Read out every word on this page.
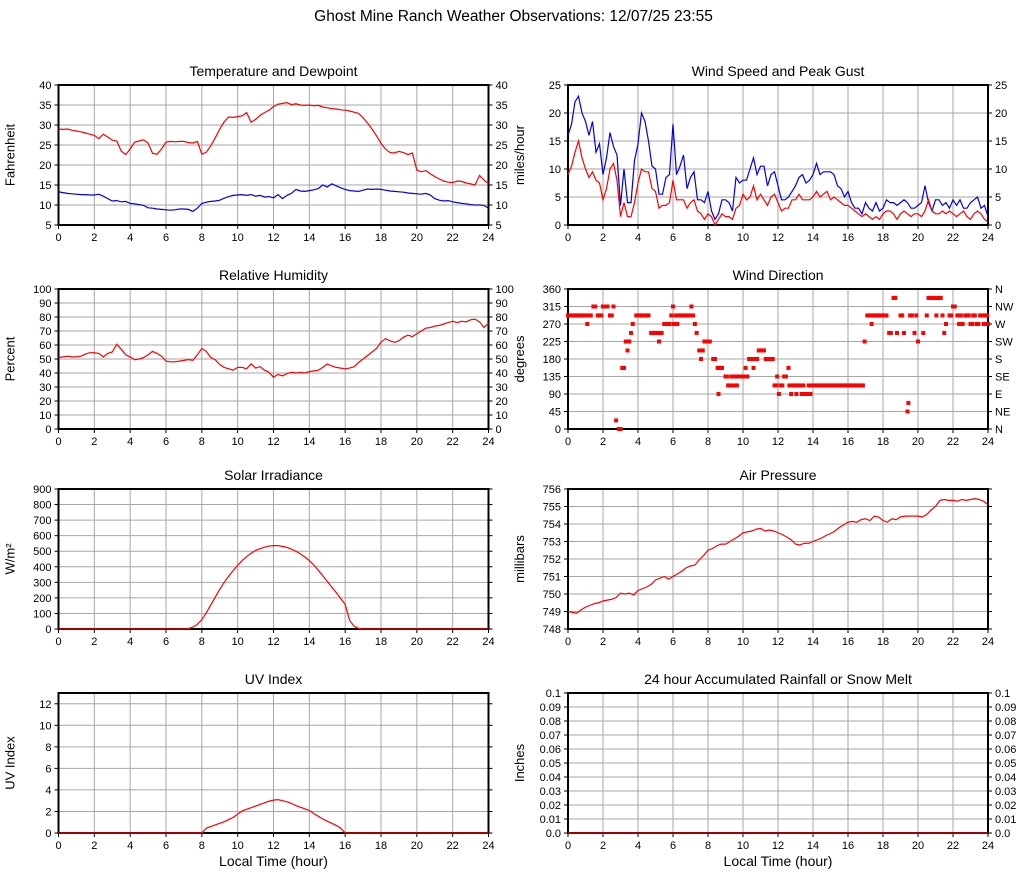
Ghost Mine Ranch Weather Observations: 12/07/25 23:55
Temperature and Dewpoint
5	5
10	10
15	15
20	20
25	25
30	30
35	35
40	40
0	2	4	6	8 10 12 14 16 18 20 22 24
Fahrenheit
Wind Speed and Peak Gust
0	0
5	5
10	10
15	15
20	20
25	25
0	2	4	6	8 10 12 14 16 18 20 22 24
miles/hour
Relative Humidity
0	0
10	10
20	20
30	30
40	40
50	50
60	60
70	70
80	80
90	90
100	100
0	2	4	6	8 10 12 14 16 18 20 22 24
Percent
Wind Direction
0	N
45	NE
90	E
135	SE
180	S
225	SW
270	W
315	NW
360	N
0	2	4	6	8 10 12 14 16 18 20 22 24
degrees
Solar Irradiance
0
100
200
300
400
500
600
700
800
900
0	2	4	6	8 10 12 14 16 18 20 22 24
W/m²
Air Pressure
748
749
750
751
752
753
754
755
756
0	2	4	6	8 10 12 14 16 18 20 22 24
millibars
UV Index
0
2
4
6
8
10
12
0	2	4	6	8 10 12 14 16 18 20 22 24
UV Index
Local Time (hour)
24 hour Accumulated Rainfall or Snow Melt
0.0	0.0
0.01	0.01
0.02	0.02
0.03	0.03
0.04	0.04
0.05	0.05
0.06	0.06
0.07	0.07
0.08	0.08
0.09	0.09
0.1	0.1
0	2	4	6	8 10 12 14 16 18 20 22 24
Inches
Local Time (hour)
